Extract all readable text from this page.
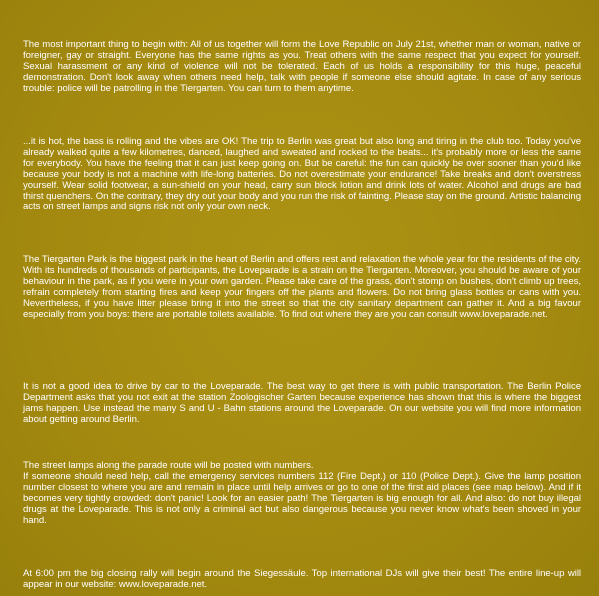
The most important thing to begin with: All of us together will form the Love Republic on July 21st, whether man or woman, native or foreigner, gay or straight. Everyone has the same rights as you. Treat others with the same respect that you expect for yourself. Sexual harassment or any kind of violence will not be tolerated. Each of us holds a responsibility for this huge, peaceful demonstration. Don't look away when others need help, talk with people if someone else should agitate. In case of any serious trouble: police will be patrolling in the Tiergarten. You can turn to them anytime.

...it is hot, the bass is rolling and the vibes are OK! The trip to Berlin was great but also long and tiring in the club too. Today you've already walked quite a few kilometres, danced, laughed and sweated and rocked to the beats... it's probably more or less the same for everybody. You have the feeling that it can just keep going on. But be careful: the fun can quickly be over sooner than you'd like because your body is not a machine with life-long batteries. Do not overestimate your endurance! Take breaks and don't overstress yourself. Wear solid footwear, a sun-shield on your head, carry sun block lotion and drink lots of water. Alcohol and drugs are bad thirst quenchers. On the contrary, they dry out your body and you run the risk of fainting. Please stay on the ground. Artistic balancing acts on street lamps and signs risk not only your own neck.

The Tiergarten Park is the biggest park in the heart of Berlin and offers rest and relaxation the whole year for the residents of the city. With its hundreds of thousands of participants, the Loveparade is a strain on the Tiergarten. Moreover, you should be aware of your behaviour in the park, as if you were in your own garden. Please take care of the grass, don't stomp on bushes, don't climb up trees, refrain completely from starting fires and keep your fingers off the plants and flowers. Do not bring glass bottles or cans with you. Nevertheless, if you have litter please bring it into the street so that the city sanitary department can gather it. And a big favour especially from you boys: there are portable toilets available. To find out where they are you can consult www.loveparade.net.

It is not a good idea to drive by car to the Loveparade. The best way to get there is with public transportation. The Berlin Police Department asks that you not exit at the station Zoologischer Garten because experience has shown that this is where the biggest jams happen. Use instead the many S and U - Bahn stations around the Loveparade. On our website you will find more information about getting around Berlin.

The street lamps along the parade route will be posted with numbers.
If someone should need help, call the emergency services numbers 112 (Fire Dept.) or 110 (Police Dept.). Give the lamp position number closest to where you are and remain in place until help arrives or go to one of the first aid places (see map below). And if it becomes very tightly crowded: don't panic! Look for an easier path! The Tiergarten is big enough for all. And also: do not buy illegal drugs at the Loveparade. This is not only a criminal act but also dangerous because you never know what's been shoved in your hand.

At 6:00 pm the big closing rally will begin around the Siegessäule. Top international DJs will give their best! The entire line-up will appear in our website: www.loveparade.net.
